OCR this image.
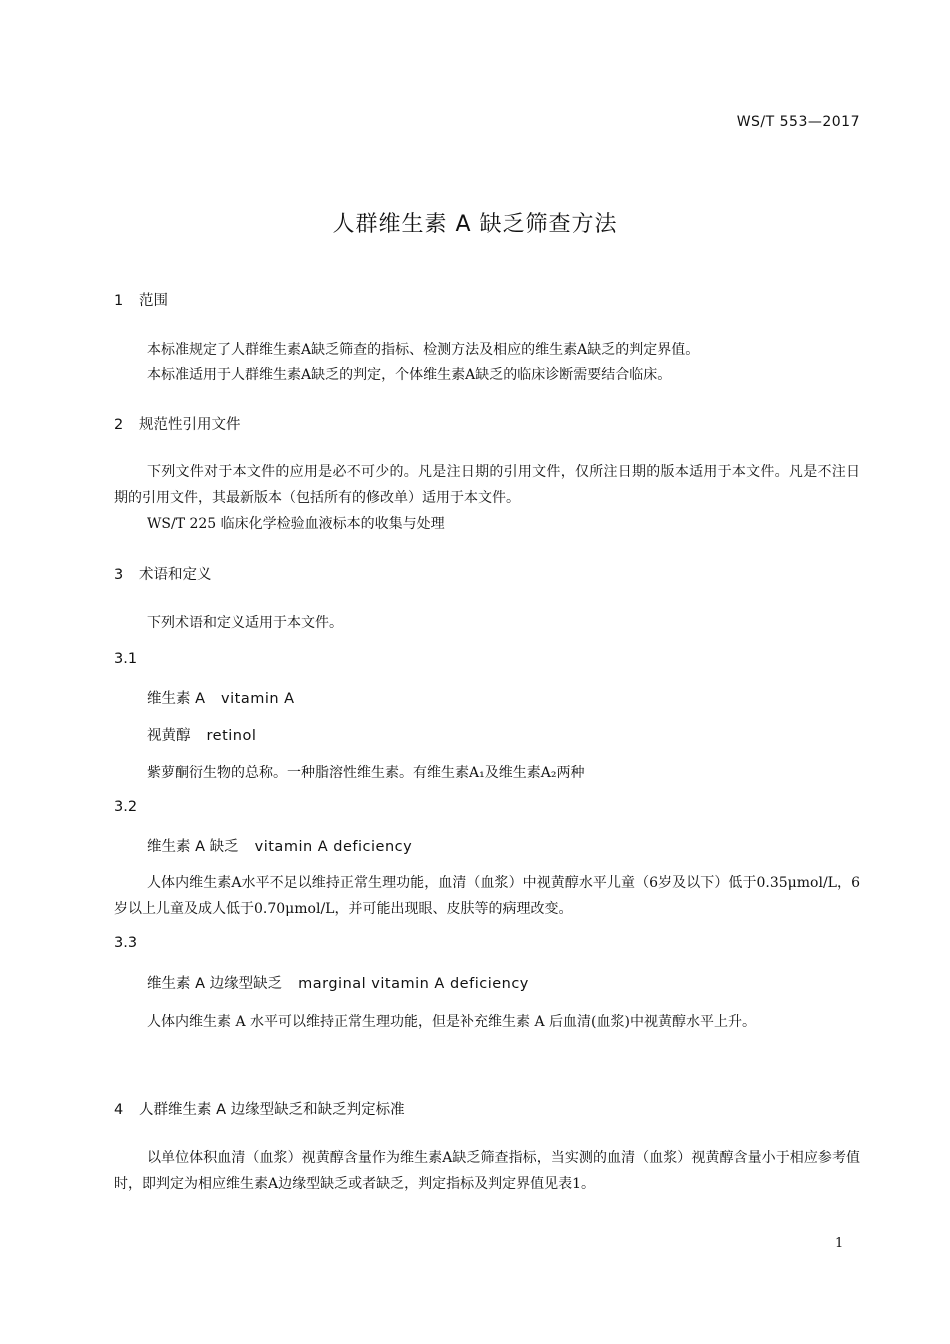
WS/T 553—2017
人群维生素 A 缺乏筛查方法
1 范围
本标准规定了人群维生素A缺乏筛查的指标、检测方法及相应的维生素A缺乏的判定界值。
本标准适用于人群维生素A缺乏的判定，个体维生素A缺乏的临床诊断需要结合临床。
2 规范性引用文件
下列文件对于本文件的应用是必不可少的。凡是注日期的引用文件，仅所注日期的版本适用于本文件。凡是不注日期的引用文件，其最新版本（包括所有的修改单）适用于本文件。
WS/T 225 临床化学检验血液标本的收集与处理
3 术语和定义
下列术语和定义适用于本文件。
3.1
维生素 A vitamin A
视黄醇 retinol
紫萝酮衍生物的总称。一种脂溶性维生素。有维生素A₁及维生素A₂两种
3.2
维生素 A 缺乏 vitamin A deficiency
人体内维生素A水平不足以维持正常生理功能，血清（血浆）中视黄醇水平儿童（6岁及以下）低于0.35μmol/L，6岁以上儿童及成人低于0.70μmol/L，并可能出现眼、皮肤等的病理改变。
3.3
维生素 A 边缘型缺乏 marginal vitamin A deficiency
人体内维生素 A 水平可以维持正常生理功能，但是补充维生素 A 后血清(血浆)中视黄醇水平上升。
4 人群维生素 A 边缘型缺乏和缺乏判定标准
以单位体积血清（血浆）视黄醇含量作为维生素A缺乏筛查指标，当实测的血清（血浆）视黄醇含量小于相应参考值时，即判定为相应维生素A边缘型缺乏或者缺乏，判定指标及判定界值见表1。
1
